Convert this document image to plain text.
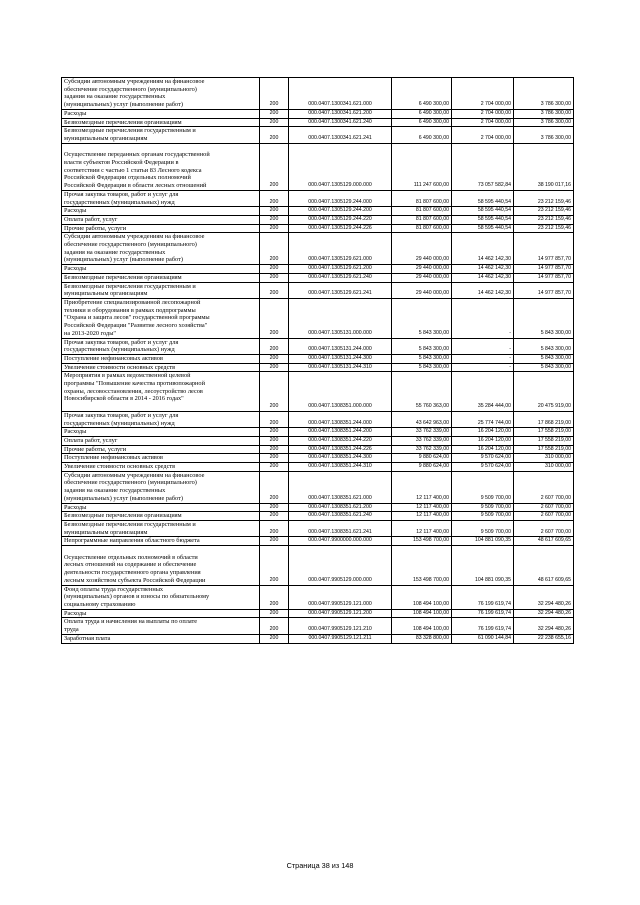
Субсидии автономным учреждениям на финансовое
обеспечение государственного (муниципального)
задания на оказание государственных
(муниципальных) услуг (выполнение работ)	200	000.0407.1300341.621.000	6 490 300,00	2 704 000,00	3 786 300,00

Расходы	200	000.0407.1300341.621.200	6 490 300,00	2 704 000,00	3 786 300,00

Безвозмездные перечисления организациям	200	000.0407.1300341.621.240	6 490 300,00	2 704 000,00	3 786 300,00

Безвозмездные перечисления государственным и
муниципальным организациям	200	000.0407.1300341.621.241	6 490 300,00	2 704 000,00	3 786 300,00

Осуществление переданных органам государственной
власти субъектов Российской Федерации в
соответствии с частью 1 статьи 83 Лесного кодекса
Российской Федерации отдельных полномочий
Российской Федерации в области лесных отношений	200	000.0407.1305129.000.000	111 247 600,00	73 057 582,84	38 190 017,16

Прочая закупка товаров, работ и услуг для
государственных (муниципальных) нужд	200	000.0407.1305129.244.000	81 807 600,00	58 595 440,54	23 212 159,46

Расходы	200	000.0407.1305129.244.200	81 807 600,00	58 595 440,54	23 212 159,46

Оплата работ, услуг	200	000.0407.1305129.244.220	81 807 600,00	58 595 440,54	23 212 159,46

Прочие работы, услуги	200	000.0407.1305129.244.226	81 807 600,00	58 595 440,54	23 212 159,46

Субсидии автономным учреждениям на финансовое
обеспечение государственного (муниципального)
задания на оказание государственных
(муниципальных) услуг (выполнение работ)	200	000.0407.1305129.621.000	29 440 000,00	14 462 142,30	14 977 857,70

Расходы	200	000.0407.1305129.621.200	29 440 000,00	14 462 142,30	14 977 857,70

Безвозмездные перечисления организациям	200	000.0407.1305129.621.240	29 440 000,00	14 462 142,30	14 977 857,70

Безвозмездные перечисления государственным и
муниципальным организациям	200	000.0407.1305129.621.241	29 440 000,00	14 462 142,30	14 977 857,70

Приобретение специализированной лесопожарной
техники и оборудования в рамках подпрограммы
"Охрана и защита лесов" государственной программы
Российской Федерации "Развитие лесного хозяйства"
на 2013-2020 годы"	200	000.0407.1305131.000.000	5 843 300,00	-	5 843 300,00

Прочая закупка товаров, работ и услуг для
государственных (муниципальных) нужд	200	000.0407.1305131.244.000	5 843 300,00	-	5 843 300,00

Поступление нефинансовых активов	200	000.0407.1305131.244.300	5 843 300,00	-	5 843 300,00

Увеличение стоимости основных средств	200	000.0407.1305131.244.310	5 843 300,00	-	5 843 300,00

Мероприятия в рамках ведомственной целевой
программы "Повышение качества противопожарной
охраны, лесовосстановления, лесоустройство лесов
Новосибирской области в 2014 - 2016 годах"	200	000.0407.1308351.000.000	55 760 363,00	35 284 444,00	20 475 919,00

Прочая закупка товаров, работ и услуг для
государственных (муниципальных) нужд	200	000.0407.1308351.244.000	43 642 963,00	25 774 744,00	17 868 219,00

Расходы	200	000.0407.1308351.244.200	33 762 339,00	16 204 120,00	17 558 219,00

Оплата работ, услуг	200	000.0407.1308351.244.220	33 762 339,00	16 204 120,00	17 558 219,00

Прочие работы, услуги	200	000.0407.1308351.244.226	33 762 339,00	16 204 120,00	17 558 219,00

Поступление нефинансовых активов	200	000.0407.1308351.244.300	9 880 624,00	9 570 624,00	310 000,00

Увеличение стоимости основных средств	200	000.0407.1308351.244.310	9 880 624,00	9 570 624,00	310 000,00

Субсидии автономным учреждениям на финансовое
обеспечение государственного (муниципального)
задания на оказание государственных
(муниципальных) услуг (выполнение работ)	200	000.0407.1308351.621.000	12 117 400,00	9 509 700,00	2 607 700,00

Расходы	200	000.0407.1308351.621.200	12 117 400,00	9 509 700,00	2 607 700,00

Безвозмездные перечисления организациям	200	000.0407.1308351.621.240	12 117 400,00	9 509 700,00	2 607 700,00

Безвозмездные перечисления государственным и
муниципальным организациям	200	000.0407.1308351.621.241	12 117 400,00	9 509 700,00	2 607 700,00

Непрограммные направления областного бюджета	200	000.0407.9900000.000.000	153 498 700,00	104 881 090,35	48 617 609,65

Осуществление отдельных полномочий в области
лесных отношений на содержание и обеспечение
деятельности государственного органа управления
лесным хозяйством субъекта Российской Федерации	200	000.0407.9905129.000.000	153 498 700,00	104 881 090,35	48 617 609,65

Фонд оплаты труда государственных
(муниципальных) органов и взносы по обязательному
социальному страхованию	200	000.0407.9905129.121.000	108 494 100,00	76 199 619,74	32 294 480,26

Расходы	200	000.0407.9905129.121.200	108 494 100,00	76 199 619,74	32 294 480,26

Оплата труда и начисления на выплаты по оплате
труда	200	000.0407.9905129.121.210	108 494 100,00	76 199 619,74	32 294 480,26

Заработная плата	200	000.0407.9905129.121.211	83 328 800,00	61 090 144,84	22 238 655,16
Страница 38 из 148
